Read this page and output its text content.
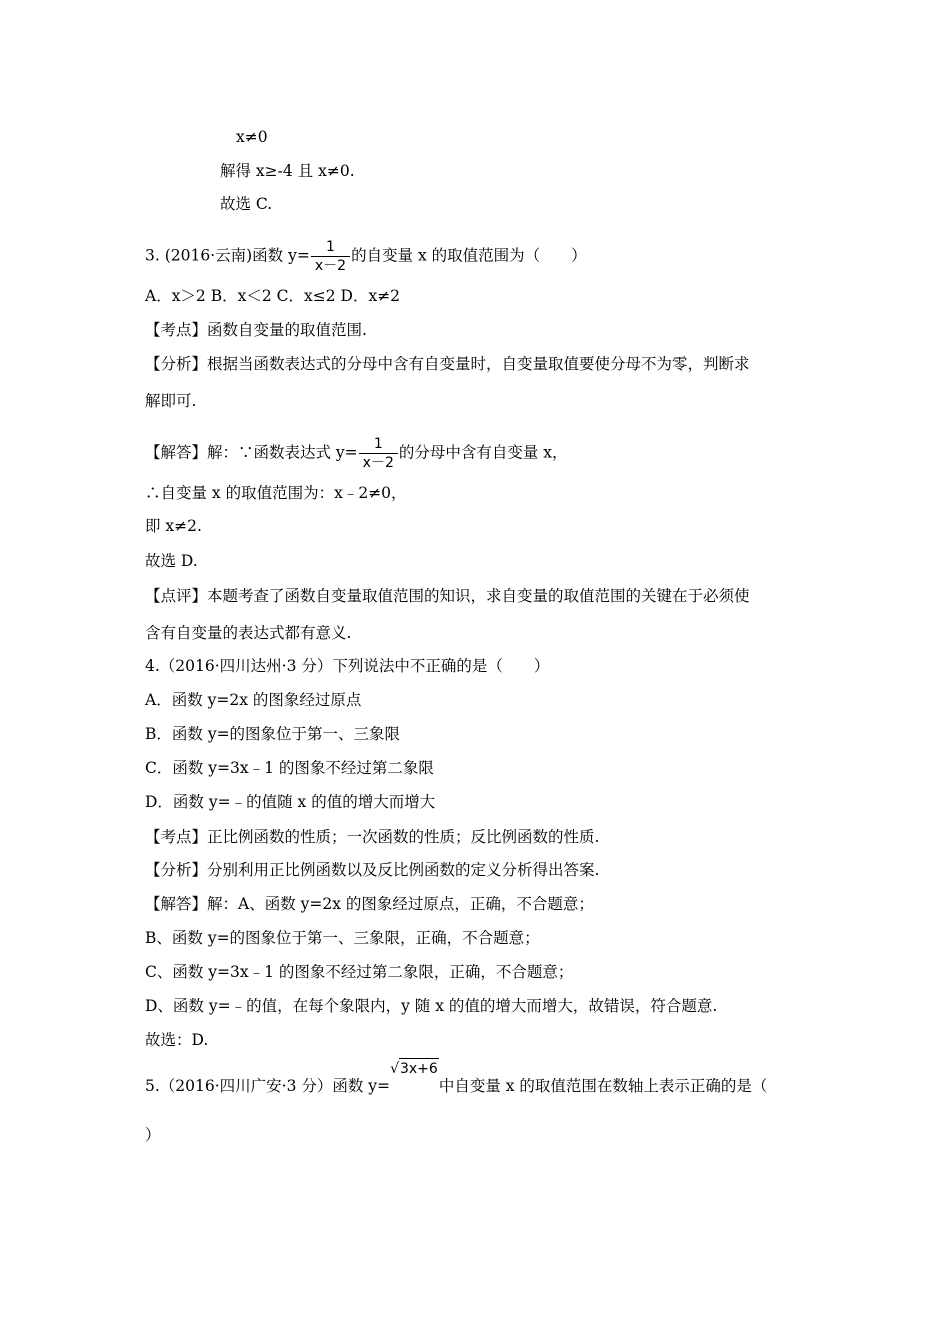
x≠0
解得 x≥-4 且 x≠0.
故选 C.
3. (2016·云南)函数 $y= \frac{1}{x-2}$ 的自变量 x 的取值范围为（　　）
A．x＞2 B．x＜2 C．x≤2 D．x≠2
【考点】函数自变量的取值范围.
【分析】根据当函数表达式的分母中含有自变量时，自变量取值要使分母不为零，判断求
解即可.
【解答】解：∵函数表达式 $y= \frac{1}{x-2}$ 的分母中含有自变量 x，
∴自变量 x 的取值范围为：x﹣2≠0，
即 x≠2.
故选 D.
【点评】本题考查了函数自变量取值范围的知识，求自变量的取值范围的关键在于必须使
含有自变量的表达式都有意义.
4.（2016·四川达州·3 分）下列说法中不正确的是（　　）
A．函数 y=2x 的图象经过原点
B．函数 y=的图象位于第一、三象限
C．函数 y=3x﹣1 的图象不经过第二象限
D．函数 y=﹣的值随 x 的值的增大而增大
【考点】正比例函数的性质；一次函数的性质；反比例函数的性质.
【分析】分别利用正比例函数以及反比例函数的定义分析得出答案.
【解答】解：A、函数 y=2x 的图象经过原点，正确，不合题意；
B、函数 y=的图象位于第一、三象限，正确，不合题意；
C、函数 y=3x﹣1 的图象不经过第二象限，正确，不合题意；
D、函数 y=﹣的值，在每个象限内，y 随 x 的值的增大而增大，故错误，符合题意.
故选：D.
5.（2016·四川广安·3 分）函数 y=√3x+6中自变量 x 的取值范围在数轴上表示正确的是（
）
